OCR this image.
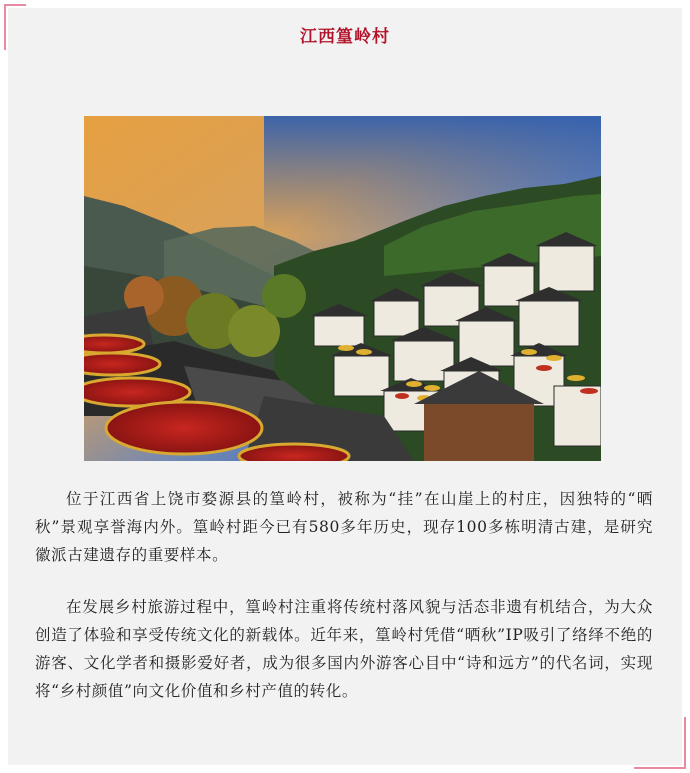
江西篁岭村

位于江西省上饶市婺源县的篁岭村，被称为“挂”在山崖上的村庄，因独特的“晒秋”景观享誉海内外。篁岭村距今已有580多年历史，现存100多栋明清古建，是研究徽派古建遗存的重要样本。

在发展乡村旅游过程中，篁岭村注重将传统村落风貌与活态非遗有机结合，为大众创造了体验和享受传统文化的新载体。近年来，篁岭村凭借“晒秋”IP吸引了络绎不绝的游客、文化学者和摄影爱好者，成为很多国内外游客心目中“诗和远方”的代名词，实现将“乡村颜值”向文化价值和乡村产值的转化。
